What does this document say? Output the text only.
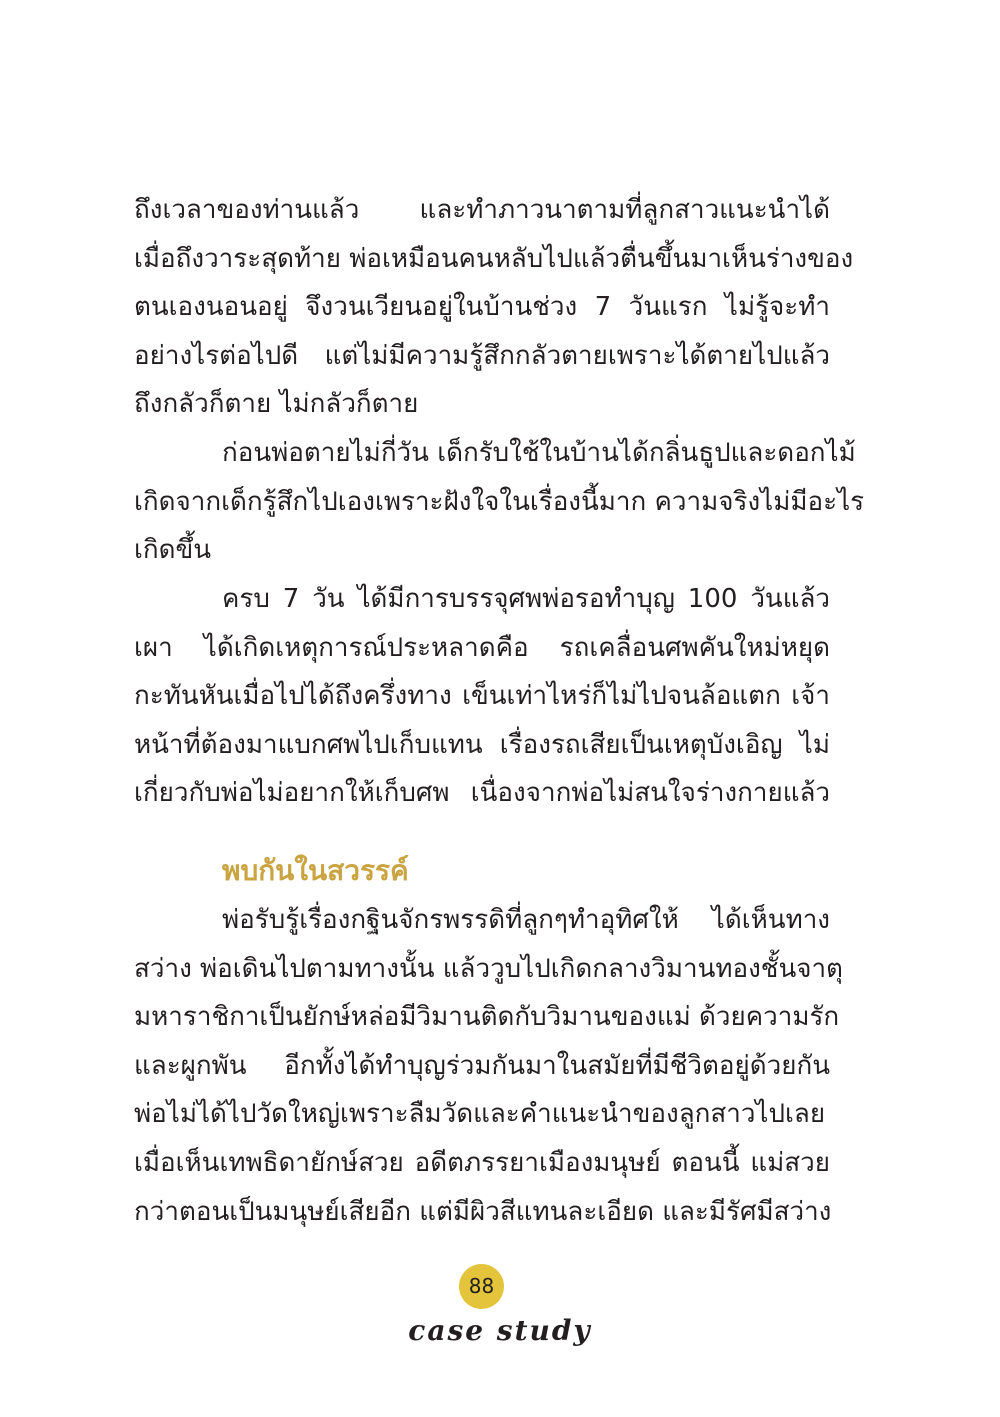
ถึงเวลาของท่านแล้ว และทำภาวนาตามที่ลูกสาวแนะนำได้
เมื่อถึงวาระสุดท้าย พ่อเหมือนคนหลับไปแล้วตื่นขึ้นมาเห็นร่างของ
ตนเองนอนอยู่ จึงวนเวียนอยู่ในบ้านช่วง 7 วันแรก ไม่รู้จะทำ
อย่างไรต่อไปดี แต่ไม่มีความรู้สึกกลัวตายเพราะได้ตายไปแล้ว
ถึงกลัวก็ตาย ไม่กลัวก็ตาย
ก่อนพ่อตายไม่กี่วัน เด็กรับใช้ในบ้านได้กลิ่นธูปและดอกไม้
เกิดจากเด็กรู้สึกไปเองเพราะฝังใจในเรื่องนี้มาก ความจริงไม่มีอะไร
เกิดขึ้น
ครบ 7 วัน ได้มีการบรรจุศพพ่อรอทำบุญ 100 วันแล้ว
เผา ได้เกิดเหตุการณ์ประหลาดคือ รถเคลื่อนศพคันใหม่หยุด
กะทันหันเมื่อไปได้ถึงครึ่งทาง เข็นเท่าไหร่ก็ไม่ไปจนล้อแตก เจ้า
หน้าที่ต้องมาแบกศพไปเก็บแทน เรื่องรถเสียเป็นเหตุบังเอิญ ไม่
เกี่ยวกับพ่อไม่อยากให้เก็บศพ เนื่องจากพ่อไม่สนใจร่างกายแล้ว
พบกันในสวรรค์
พ่อรับรู้เรื่องกฐินจักรพรรดิที่ลูกๆทำอุทิศให้ ได้เห็นทาง
สว่าง พ่อเดินไปตามทางนั้น แล้ววูบไปเกิดกลางวิมานทองชั้นจาตุ
มหาราชิกาเป็นยักษ์หล่อมีวิมานติดกับวิมานของแม่ ด้วยความรัก
และผูกพัน อีกทั้งได้ทำบุญร่วมกันมาในสมัยที่มีชีวิตอยู่ด้วยกัน
พ่อไม่ได้ไปวัดใหญ่เพราะลืมวัดและคำแนะนำของลูกสาวไปเลย
เมื่อเห็นเทพธิดายักษ์สวย อดีตภรรยาเมืองมนุษย์ ตอนนี้ แม่สวย
กว่าตอนเป็นมนุษย์เสียอีก แต่มีผิวสีแทนละเอียด และมีรัศมีสว่าง
88
case study
